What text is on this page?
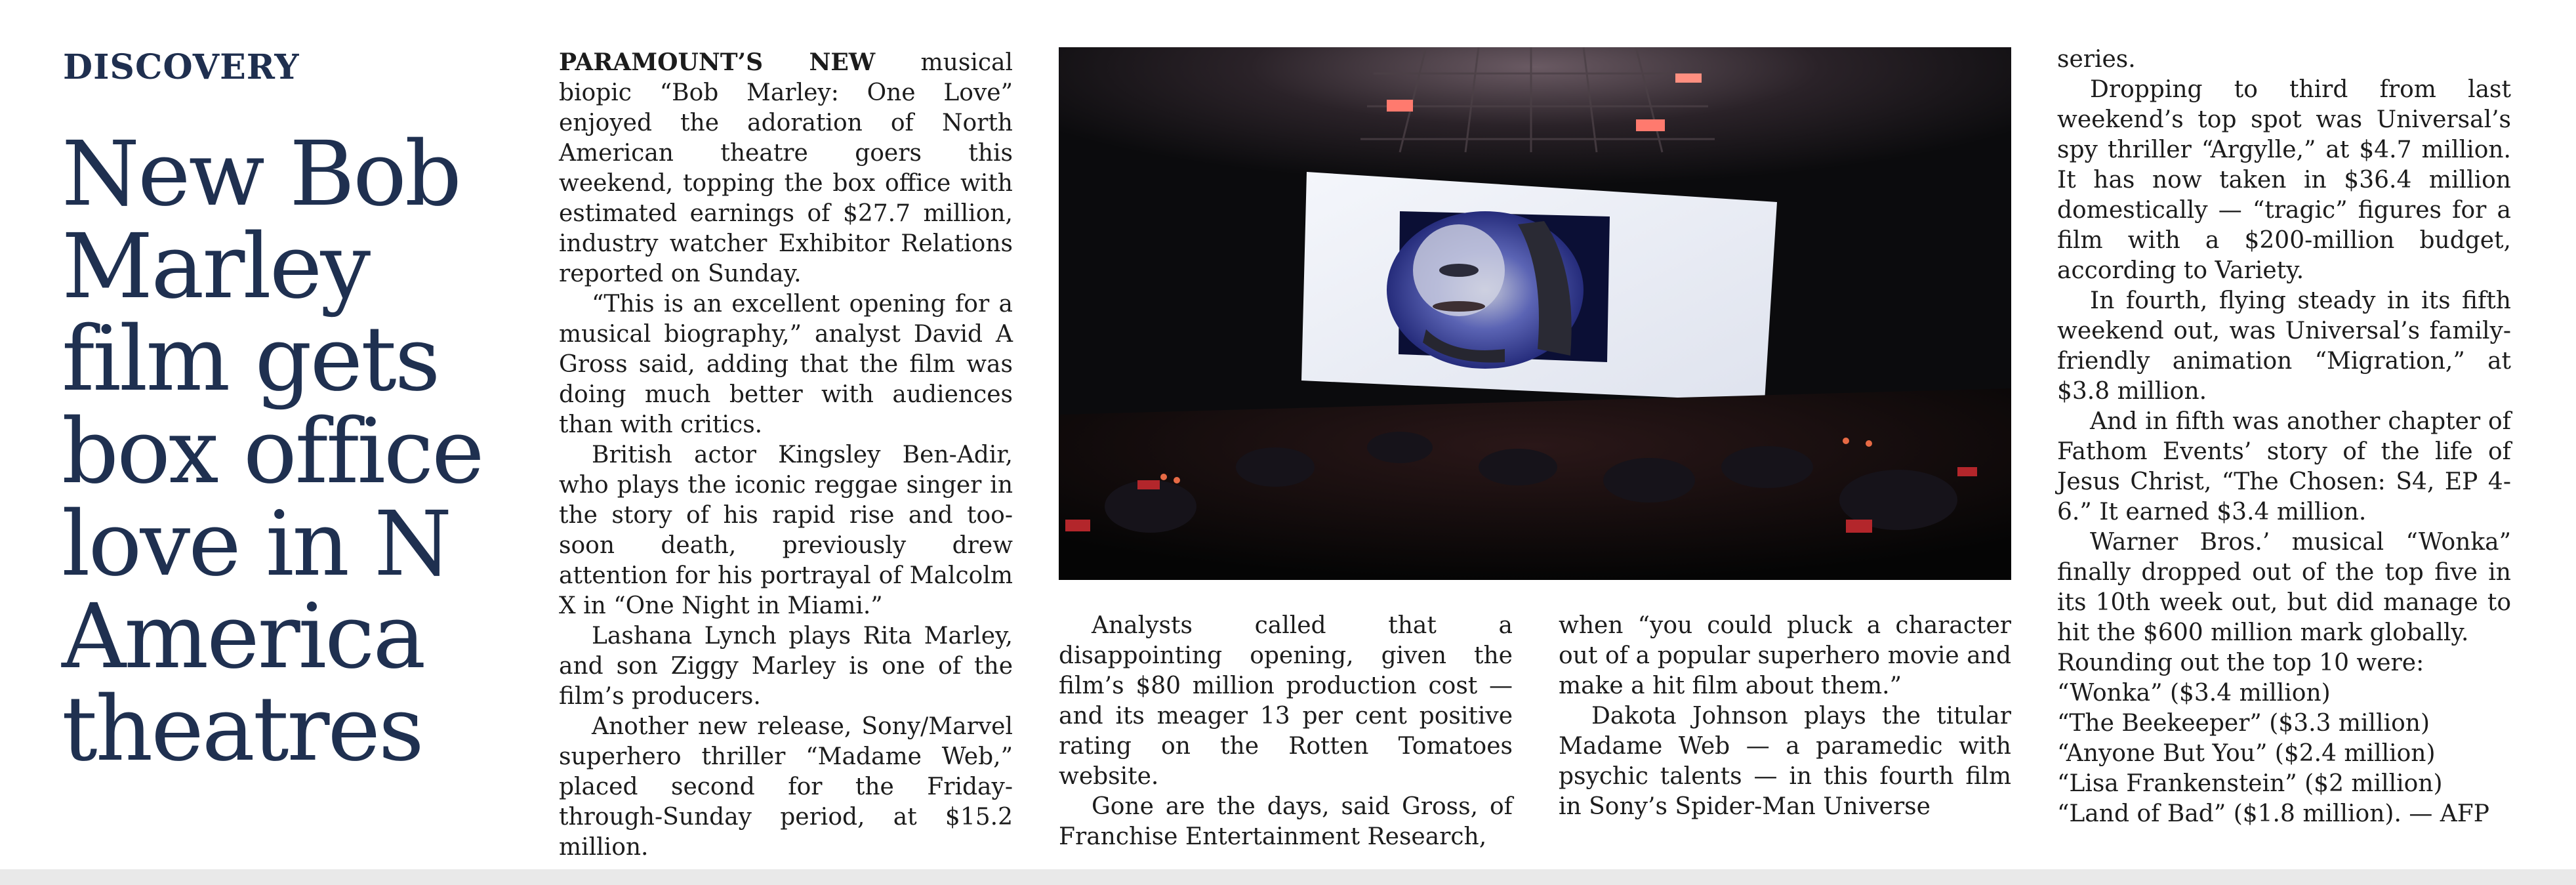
DISCOVERY
New Bob Marley film gets box office love in N America theatres

PARAMOUNT’S NEW musical biopic “Bob Marley: One Love” enjoyed the adoration of North American theatre goers this weekend, topping the box office with estimated earnings of $27.7 million, industry watcher Exhibitor Relations reported on Sunday.

“This is an excellent opening for a musical biography,” analyst David A Gross said, adding that the film was doing much better with audiences than with critics.

British actor Kingsley Ben-Adir, who plays the iconic reggae singer in the story of his rapid rise and too-soon death, previously drew attention for his portrayal of Malcolm X in “One Night in Miami.”

Lashana Lynch plays Rita Marley, and son Ziggy Marley is one of the film’s producers.

Another new release, Sony/Marvel superhero thriller “Madame Web,” placed second for the Friday-through-Sunday period, at $15.2 million.

Analysts called that a disappointing opening, given the film’s $80 million production cost — and its meager 13 per cent positive rating on the Rotten Tomatoes website.

Gone are the days, said Gross, of Franchise Entertainment Research,

when “you could pluck a character out of a popular superhero movie and make a hit film about them.”

Dakota Johnson plays the titular Madame Web — a paramedic with psychic talents — in this fourth film in Sony’s Spider-Man Universe

series.

Dropping to third from last weekend’s top spot was Universal’s spy thriller “Argylle,” at $4.7 million. It has now taken in $36.4 million domestically — “tragic” figures for a film with a $200-million budget, according to Variety.

In fourth, flying steady in its fifth weekend out, was Universal’s family-friendly animation “Migration,” at $3.8 million.

And in fifth was another chapter of Fathom Events’ story of the life of Jesus Christ, “The Chosen: S4, EP 4-6.” It earned $3.4 million.

Warner Bros.’ musical “Wonka” finally dropped out of the top five in its 10th week out, but did manage to hit the $600 million mark globally.

Rounding out the top 10 were:

“Wonka” ($3.4 million)

“The Beekeeper” ($3.3 million)

“Anyone But You” ($2.4 million)

“Lisa Frankenstein” ($2 million)

“Land of Bad” ($1.8 million). — AFP
